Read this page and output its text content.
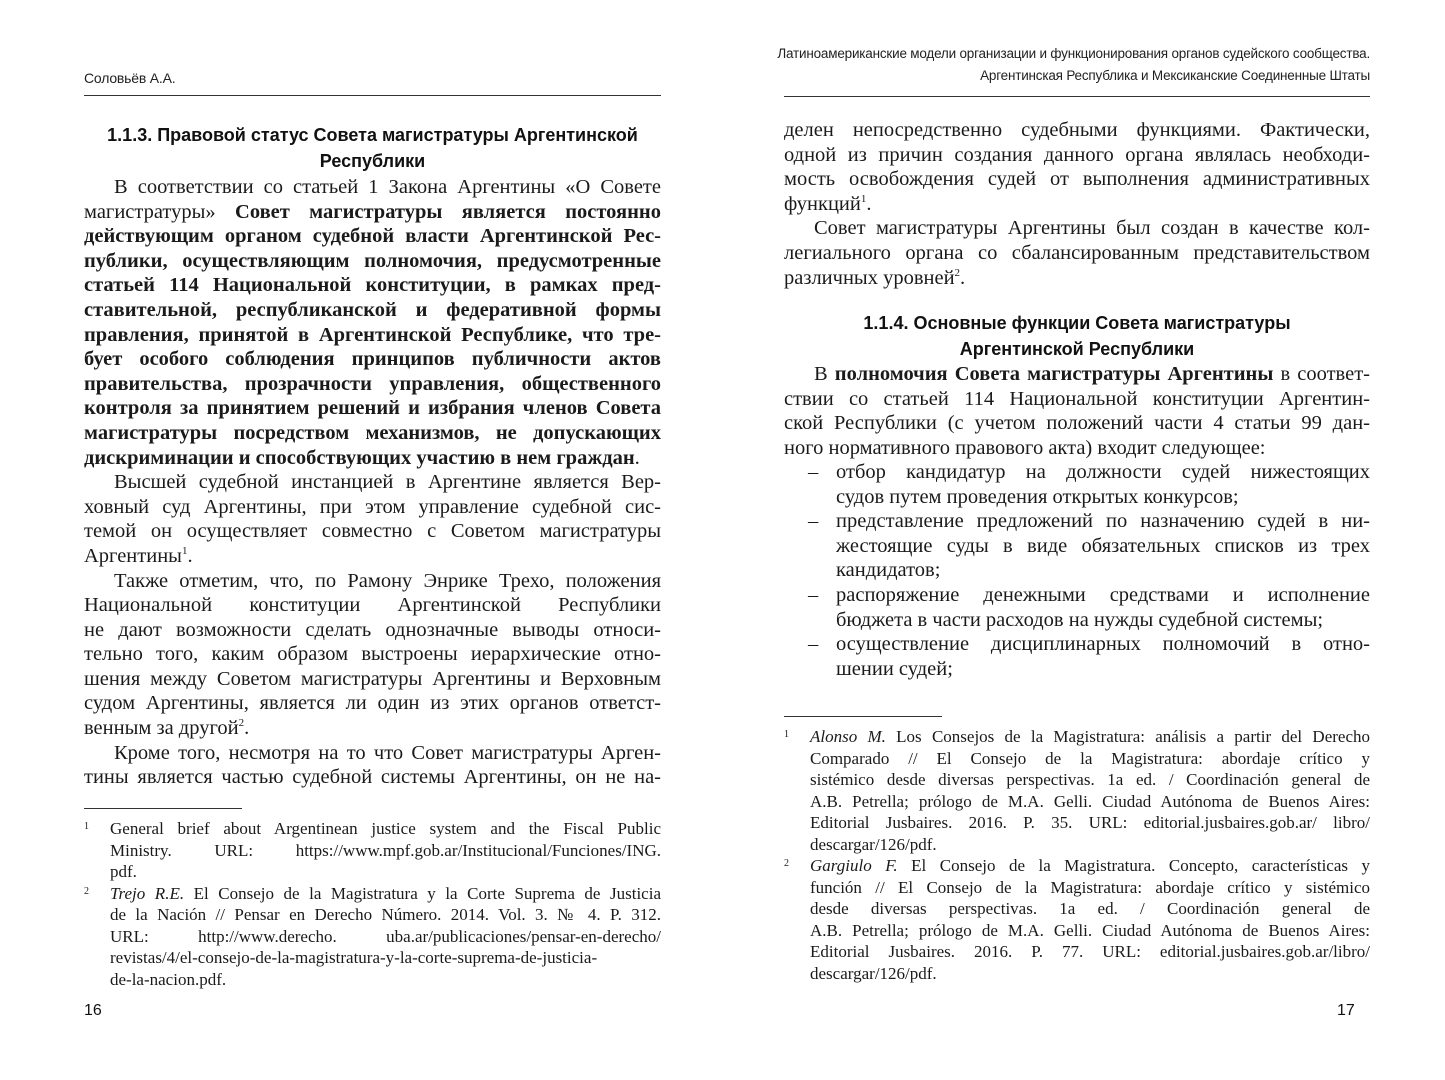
Соловьёв А.А.
1.1.3. Правовой статус Совета магистратуры Аргентинской
Республики
В соответствии со статьей 1 Закона Аргентины «О Совете
магистратуры» Совет магистратуры является постоянно
действующим органом судебной власти Аргентинской Рес-
публики, осуществляющим полномочия, предусмотренные
статьей 114 Национальной конституции, в рамках пред-
ставительной, республиканской и федеративной формы
правления, принятой в Аргентинской Республике, что тре-
бует особого соблюдения принципов публичности актов
правительства, прозрачности управления, общественного
контроля за принятием решений и избрания членов Совета
магистратуры посредством механизмов, не допускающих
дискриминации и способствующих участию в нем граждан.
Высшей судебной инстанцией в Аргентине является Вер-
ховный суд Аргентины, при этом управление судебной сис-
темой он осуществляет совместно с Советом магистратуры
Аргентины$^1$.
Также отметим, что, по Рамону Энрике Трехо, положения
Национальной конституции Аргентинской Республики
не дают возможности сделать однозначные выводы относи-
тельно того, каким образом выстроены иерархические отно-
шения между Советом магистратуры Аргентины и Верховным
судом Аргентины, является ли один из этих органов ответст-
венным за другой$^2$.
Кроме того, несмотря на то что Совет магистратуры Арген-
тины является частью судебной системы Аргентины, он не на-
1 General brief about Argentinean justice system and the Fiscal Public
Ministry. URL: https://www.mpf.gob.ar/Institucional/Funciones/ING.
pdf.
2 Trejo R.E. El Consejo de la Magistratura y la Corte Suprema de Justicia
de la Nación // Pensar en Derecho Número. 2014. Vol. 3. № 4. P. 312.
URL: http://www.derecho. uba.ar/publicaciones/pensar-en-derecho/
revistas/4/el-consejo-de-la-magistratura-y-la-corte-suprema-de-justicia-
de-la-nacion.pdf.
16
Латиноамериканские модели организации и функционирования органов судейского сообщества.
Аргентинская Республика и Мексиканские Соединенные Штаты
делен непосредственно судебными функциями. Фактически,
одной из причин создания данного органа являлась необходи-
мость освобождения судей от выполнения административных
функций$^1$.
Совет магистратуры Аргентины был создан в качестве кол-
легиального органа со сбалансированным представительством
различных уровней$^2$.
1.1.4. Основные функции Совета магистратуры
Аргентинской Республики
В полномочия Совета магистратуры Аргентины в соответ-
ствии со статьей 114 Национальной конституции Аргентин-
ской Республики (с учетом положений части 4 статьи 99 дан-
ного нормативного правового акта) входит следующее:
– отбор кандидатур на должности судей нижестоящих
судов путем проведения открытых конкурсов;
– представление предложений по назначению судей в ни-
жестоящие суды в виде обязательных списков из трех
кандидатов;
– распоряжение денежными средствами и исполнение
бюджета в части расходов на нужды судебной системы;
– осуществление дисциплинарных полномочий в отно-
шении судей;
1 Alonso M. Los Consejos de la Magistratura: análisis a partir del Derecho
Comparado // El Consejo de la Magistratura: abordaje crítico y
sistémico desde diversas perspectivas. 1a ed. / Coordinación general de
A.B. Petrella; prólogo de M.A. Gelli. Ciudad Autónoma de Buenos Aires:
Editorial Jusbaires. 2016. P. 35. URL: editorial.jusbaires.gob.ar/ libro/
descargar/126/pdf.
2 Gargiulo F. El Consejo de la Magistratura. Concepto, características y
función // El Consejo de la Magistratura: abordaje crítico y sistémico
desde diversas perspectivas. 1a ed. / Coordinación general de
A.B. Petrella; prólogo de M.A. Gelli. Ciudad Autónoma de Buenos Aires:
Editorial Jusbaires. 2016. P. 77. URL: editorial.jusbaires.gob.ar/libro/
descargar/126/pdf.
17
